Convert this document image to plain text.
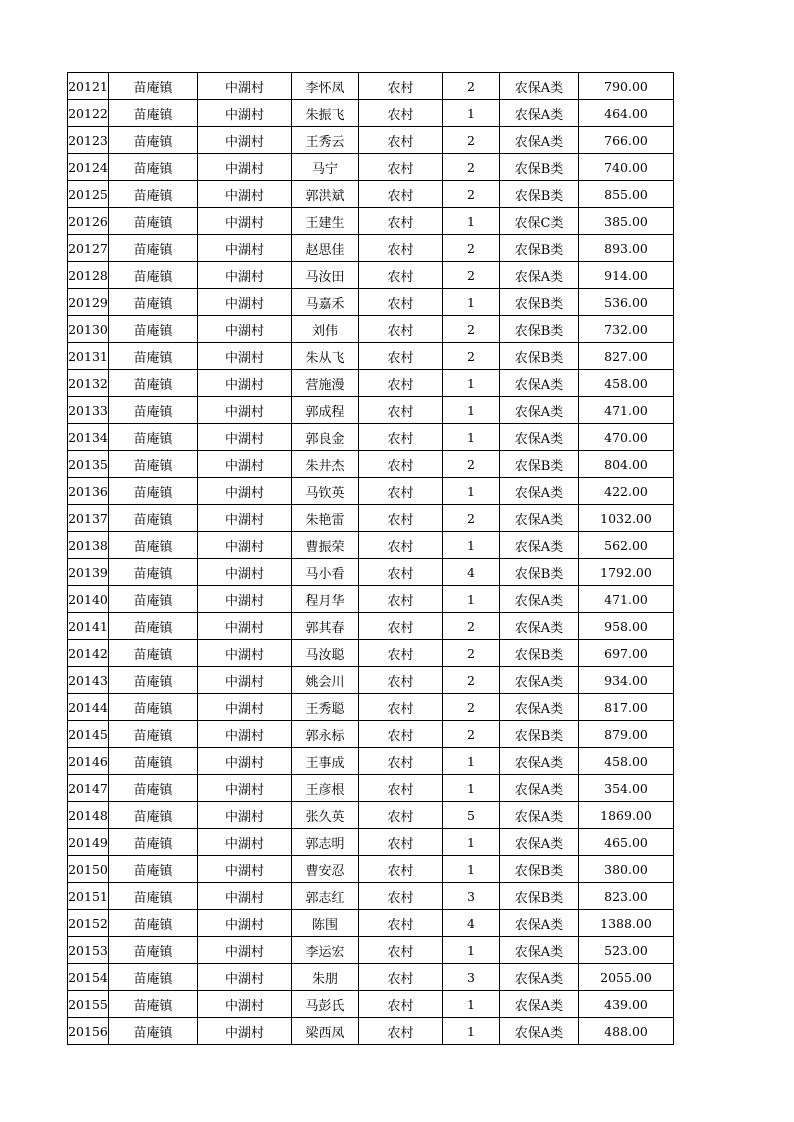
20121	苗庵镇	中湖村	李怀凤	农村	2	农保A类	790.00
20122	苗庵镇	中湖村	朱振飞	农村	1	农保A类	464.00
20123	苗庵镇	中湖村	王秀云	农村	2	农保A类	766.00
20124	苗庵镇	中湖村	马宁	农村	2	农保B类	740.00
20125	苗庵镇	中湖村	郭洪斌	农村	2	农保B类	855.00
20126	苗庵镇	中湖村	王建生	农村	1	农保C类	385.00
20127	苗庵镇	中湖村	赵思佳	农村	2	农保B类	893.00
20128	苗庵镇	中湖村	马汝田	农村	2	农保A类	914.00
20129	苗庵镇	中湖村	马嘉禾	农村	1	农保B类	536.00
20130	苗庵镇	中湖村	刘伟	农村	2	农保B类	732.00
20131	苗庵镇	中湖村	朱从飞	农村	2	农保B类	827.00
20132	苗庵镇	中湖村	营施漫	农村	1	农保A类	458.00
20133	苗庵镇	中湖村	郭成程	农村	1	农保A类	471.00
20134	苗庵镇	中湖村	郭良金	农村	1	农保A类	470.00
20135	苗庵镇	中湖村	朱井杰	农村	2	农保B类	804.00
20136	苗庵镇	中湖村	马钦英	农村	1	农保A类	422.00
20137	苗庵镇	中湖村	朱艳雷	农村	2	农保A类	1032.00
20138	苗庵镇	中湖村	曹振荣	农村	1	农保A类	562.00
20139	苗庵镇	中湖村	马小看	农村	4	农保B类	1792.00
20140	苗庵镇	中湖村	程月华	农村	1	农保A类	471.00
20141	苗庵镇	中湖村	郭其春	农村	2	农保A类	958.00
20142	苗庵镇	中湖村	马汝聪	农村	2	农保B类	697.00
20143	苗庵镇	中湖村	姚会川	农村	2	农保A类	934.00
20144	苗庵镇	中湖村	王秀聪	农村	2	农保A类	817.00
20145	苗庵镇	中湖村	郭永标	农村	2	农保B类	879.00
20146	苗庵镇	中湖村	王事成	农村	1	农保A类	458.00
20147	苗庵镇	中湖村	王彦根	农村	1	农保A类	354.00
20148	苗庵镇	中湖村	张久英	农村	5	农保A类	1869.00
20149	苗庵镇	中湖村	郭志明	农村	1	农保A类	465.00
20150	苗庵镇	中湖村	曹安忍	农村	1	农保B类	380.00
20151	苗庵镇	中湖村	郭志红	农村	3	农保B类	823.00
20152	苗庵镇	中湖村	陈围	农村	4	农保A类	1388.00
20153	苗庵镇	中湖村	李运宏	农村	1	农保A类	523.00
20154	苗庵镇	中湖村	朱朋	农村	3	农保A类	2055.00
20155	苗庵镇	中湖村	马彭氏	农村	1	农保A类	439.00
20156	苗庵镇	中湖村	梁西凤	农村	1	农保A类	488.00
